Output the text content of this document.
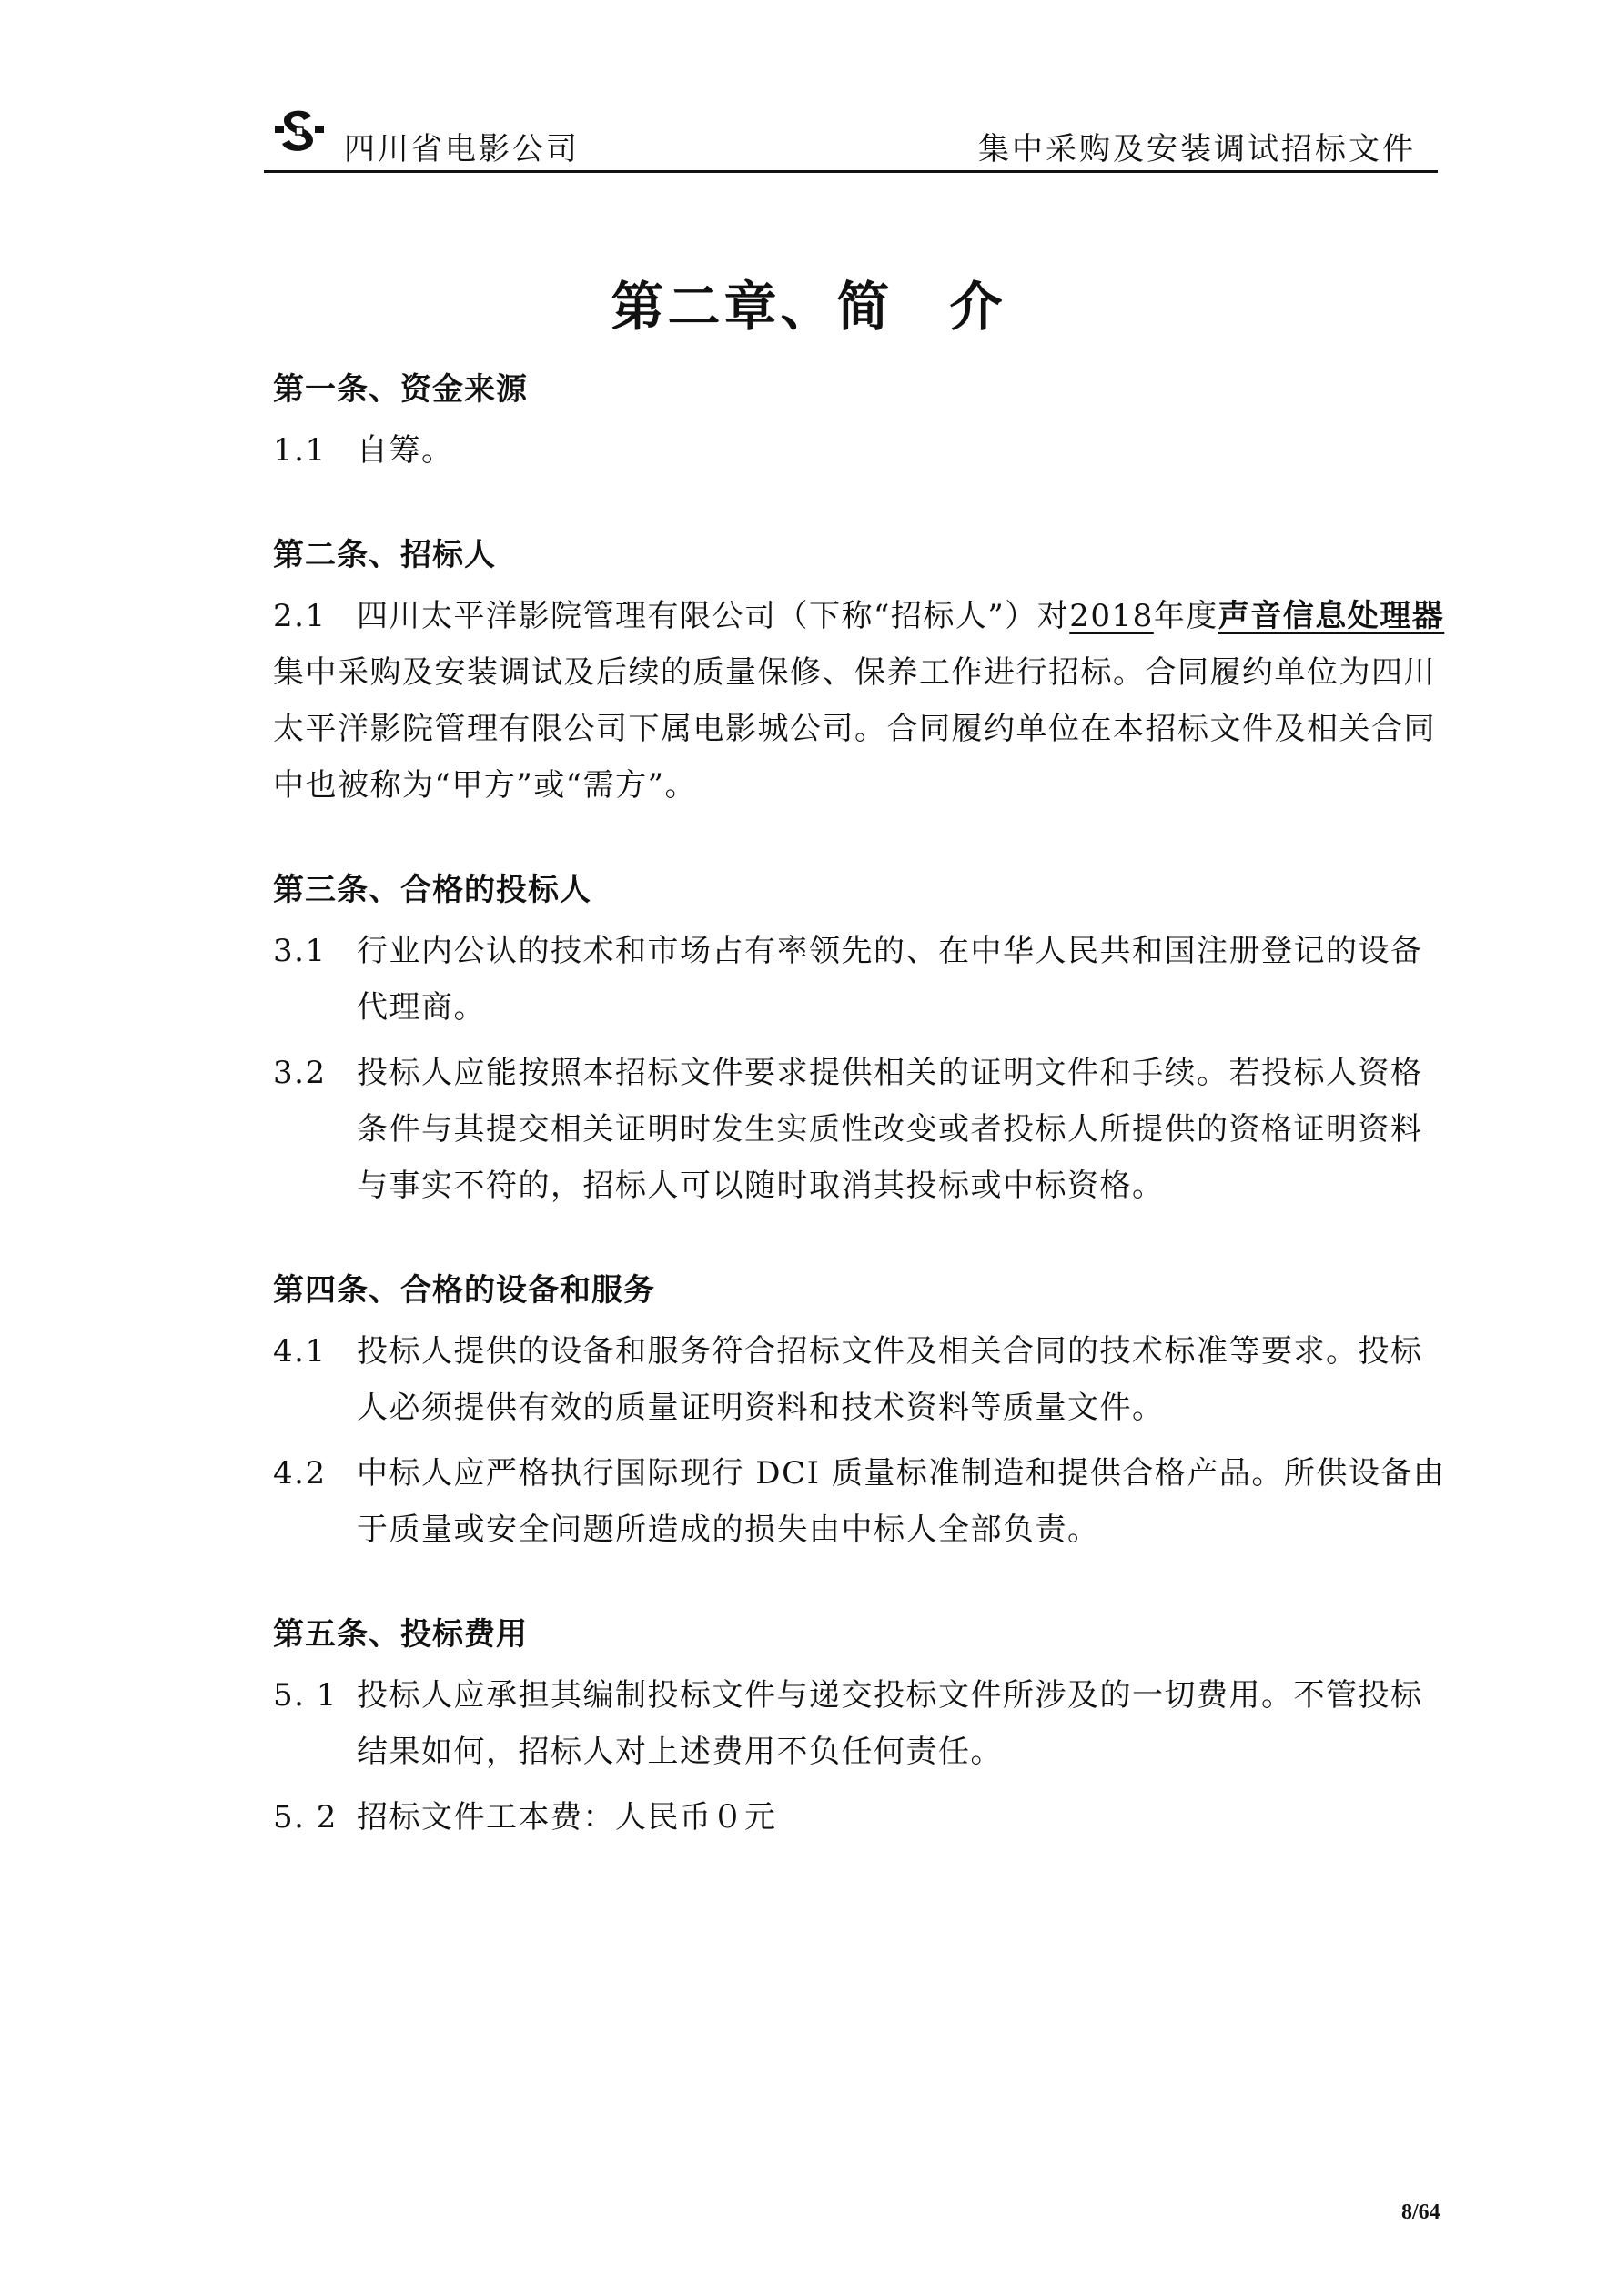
四川省电影公司	集中采购及安装调试招标文件
第二章、简　介
第一条、资金来源

1.1 自筹。

第二条、招标人

2.1 四川太平洋影院管理有限公司（下称“招标人”）对2018年度声音信息处理器集中采购及安装调试及后续的质量保修、保养工作进行招标。合同履约单位为四川太平洋影院管理有限公司下属电影城公司。合同履约单位在本招标文件及相关合同中也被称为“甲方”或“需方”。

第三条、合格的投标人

3.1 行业内公认的技术和市场占有率领先的、在中华人民共和国注册登记的设备代理商。

3.2 投标人应能按照本招标文件要求提供相关的证明文件和手续。若投标人资格条件与其提交相关证明时发生实质性改变或者投标人所提供的资格证明资料与事实不符的，招标人可以随时取消其投标或中标资格。

第四条、合格的设备和服务

4.1 投标人提供的设备和服务符合招标文件及相关合同的技术标准等要求。投标人必须提供有效的质量证明资料和技术资料等质量文件。

4.2 中标人应严格执行国际现行 DCI 质量标准制造和提供合格产品。所供设备由于质量或安全问题所造成的损失由中标人全部负责。

第五条、投标费用

5. 1 投标人应承担其编制投标文件与递交投标文件所涉及的一切费用。不管投标结果如何，招标人对上述费用不负任何责任。

5. 2 招标文件工本费：人民币０元

8/64
